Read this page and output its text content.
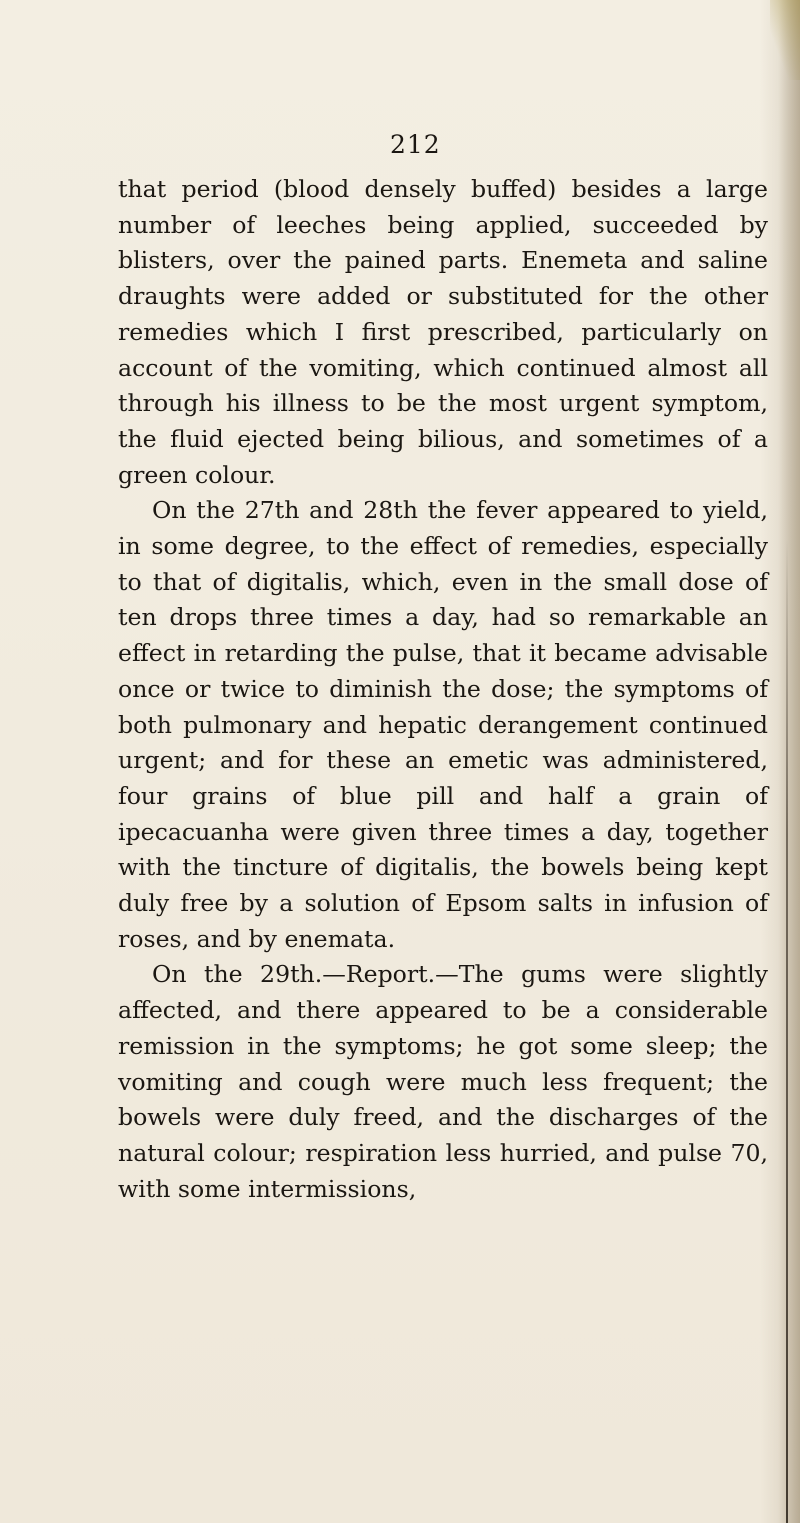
212

that period (blood densely buffed) besides a large number of leeches being applied, succeeded by blisters, over the pained parts. Enemeta and saline draughts were added or substituted for the other remedies which I first prescribed, particularly on account of the vomiting, which continued almost all through his illness to be the most urgent symptom, the fluid ejected being bilious, and sometimes of a green colour.

On the 27th and 28th the fever appeared to yield, in some degree, to the effect of remedies, especially to that of digitalis, which, even in the small dose of ten drops three times a day, had so remarkable an effect in retarding the pulse, that it became advisable once or twice to diminish the dose; the symptoms of both pulmonary and hepatic derangement continued urgent; and for these an emetic was administered, four grains of blue pill and half a grain of ipecacuanha were given three times a day, together with the tincture of digitalis, the bowels being kept duly free by a solution of Epsom salts in infusion of roses, and by enemata.

On the 29th.—Report.—The gums were slightly affected, and there appeared to be a considerable remission in the symptoms; he got some sleep; the vomiting and cough were much less frequent; the bowels were duly freed, and the discharges of the natural colour; respiration less hurried, and pulse 70, with some intermissions,
